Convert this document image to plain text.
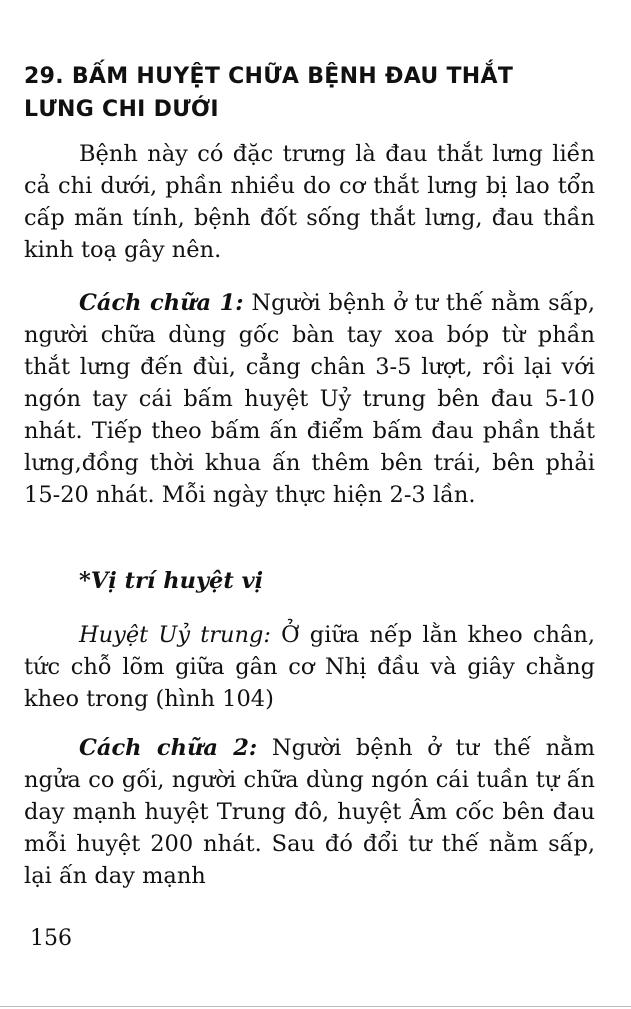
29. BẤM HUYỆT CHỮA BỆNH ĐAU THẮT
LƯNG CHI DƯỚI

Bệnh này có đặc trưng là đau thắt lưng liền cả chi dưới, phần nhiều do cơ thắt lưng bị lao tổn cấp mãn tính, bệnh đốt sống thắt lưng, đau thần kinh toạ gây nên.

Cách chữa 1: Người bệnh ở tư thế nằm sấp, người chữa dùng gốc bàn tay xoa bóp từ phần thắt lưng đến đùi, cẳng chân 3-5 lượt, rồi lại với ngón tay cái bấm huyệt Uỷ trung bên đau 5-10 nhát. Tiếp theo bấm ấn điểm bấm đau phần thắt lưng,đồng thời khua ấn thêm bên trái, bên phải 15-20 nhát. Mỗi ngày thực hiện 2-3 lần.

*Vị trí huyệt vị

Huyệt Uỷ trung: Ở giữa nếp lằn kheo chân, tức chỗ lõm giữa gân cơ Nhị đầu và giây chằng kheo trong (hình 104)

Cách chữa 2: Người bệnh ở tư thế nằm ngửa co gối, người chữa dùng ngón cái tuần tự ấn day mạnh huyệt Trung đô, huyệt Âm cốc bên đau mỗi huyệt 200 nhát. Sau đó đổi tư thế nằm sấp, lại ấn day mạnh

156
